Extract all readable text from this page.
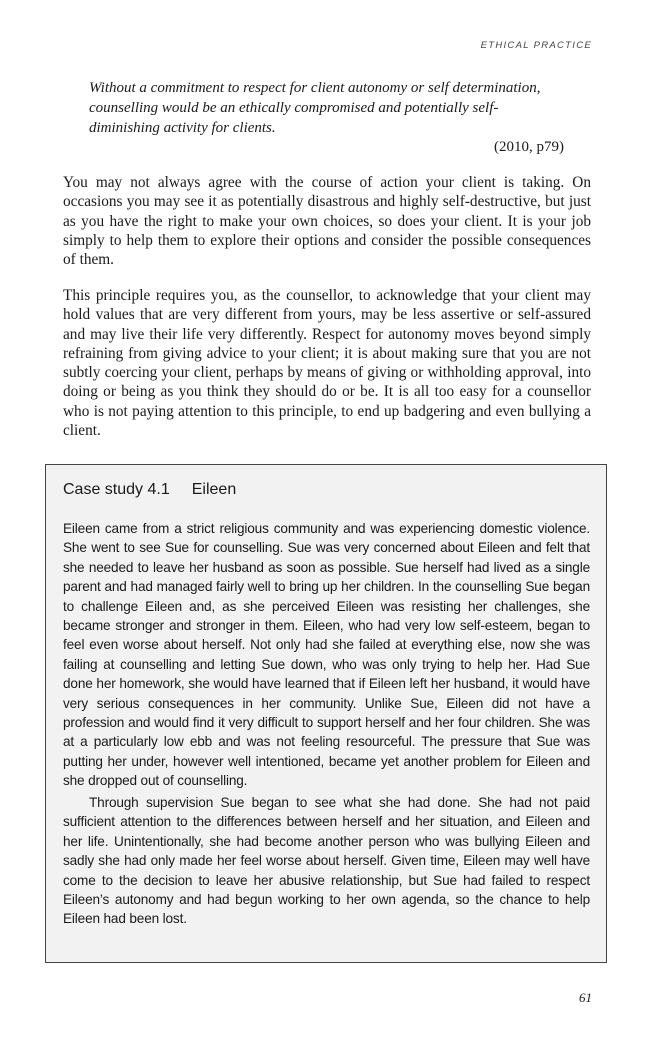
ETHICAL PRACTICE
Without a commitment to respect for client autonomy or self determination, counselling would be an ethically compromised and potentially self-diminishing activity for clients.
(2010, p79)

You may not always agree with the course of action your client is taking. On occasions you may see it as potentially disastrous and highly self-destructive, but just as you have the right to make your own choices, so does your client. It is your job simply to help them to explore their options and consider the possible consequences of them.

This principle requires you, as the counsellor, to acknowledge that your client may hold values that are very different from yours, may be less assertive or self-assured and may live their life very differently. Respect for autonomy moves beyond simply refraining from giving advice to your client; it is about making sure that you are not subtly coercing your client, perhaps by means of giving or withholding approval, into doing or being as you think they should do or be. It is all too easy for a counsellor who is not paying attention to this principle, to end up badgering and even bullying a client.

Case study 4.1 Eileen

Eileen came from a strict religious community and was experiencing domestic violence. She went to see Sue for counselling. Sue was very concerned about Eileen and felt that she needed to leave her husband as soon as possible. Sue herself had lived as a single parent and had managed fairly well to bring up her children. In the counselling Sue began to challenge Eileen and, as she perceived Eileen was resisting her challenges, she became stronger and stronger in them. Eileen, who had very low self-esteem, began to feel even worse about herself. Not only had she failed at everything else, now she was failing at counselling and letting Sue down, who was only trying to help her. Had Sue done her homework, she would have learned that if Eileen left her husband, it would have very serious consequences in her community. Unlike Sue, Eileen did not have a profession and would find it very difficult to support herself and her four children. She was at a particularly low ebb and was not feeling resourceful. The pressure that Sue was putting her under, however well intentioned, became yet another problem for Eileen and she dropped out of counselling.

Through supervision Sue began to see what she had done. She had not paid sufficient attention to the differences between herself and her situation, and Eileen and her life. Unintentionally, she had become another person who was bullying Eileen and sadly she had only made her feel worse about herself. Given time, Eileen may well have come to the decision to leave her abusive relationship, but Sue had failed to respect Eileen’s autonomy and had begun working to her own agenda, so the chance to help Eileen had been lost.

61
